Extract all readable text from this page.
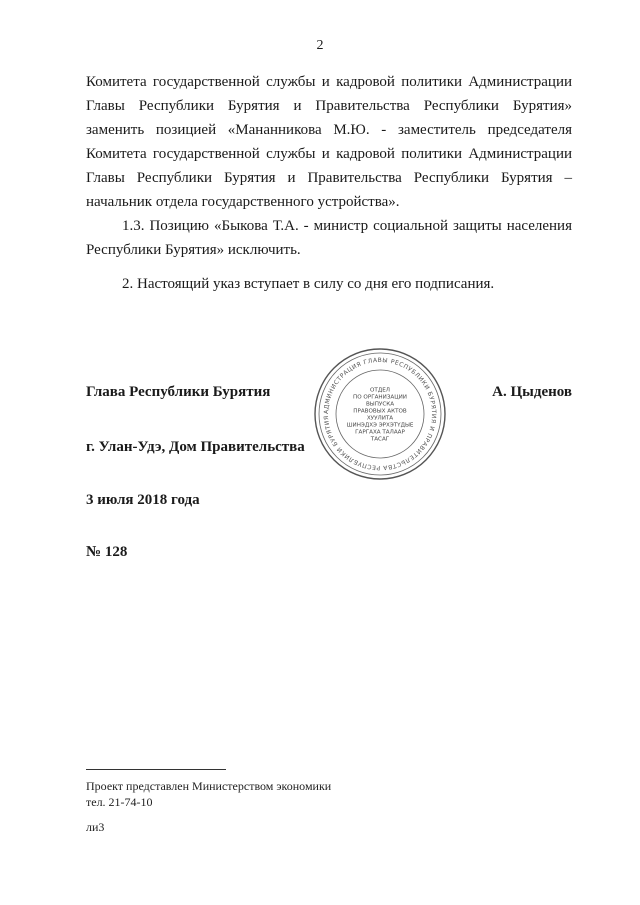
2

Комитета государственной службы и кадровой политики Администрации Главы Республики Бурятия и Правительства Республики Бурятия» заменить позицией «Мананникова М.Ю. - заместитель председателя Комитета государственной службы и кадровой политики Администрации Главы Республики Бурятия и Правительства Республики Бурятия – начальник отдела государственного устройства».

1.3. Позицию «Быкова Т.А. - министр социальной защиты населения Республики Бурятия» исключить.

2. Настоящий указ вступает в силу со дня его подписания.

Глава Республики Бурятия	А. Цыденов
г. Улан-Удэ, Дом Правительства
3 июля 2018 года
№ 128
АДМИНИСТРАЦИЯ ГЛАВЫ РЕСПУБЛИКИ БУРЯТИЯ И ПРАВИТЕЛЬСТВА РЕСПУБЛИКИ БУРЯТИЯ
ОТДЕЛ
ПО ОРГАНИЗАЦИИ
ВЫПУСКА
ПРАВОВЫХ АКТОВ
ХУУЛИТА
ШИНЭДХЭ ЭРХЭТҮДЫЕ
ГАРГАХА ТАЛААР
ТАСАГ
Проект представлен Министерством экономики
тел. 21-74-10
ли3
